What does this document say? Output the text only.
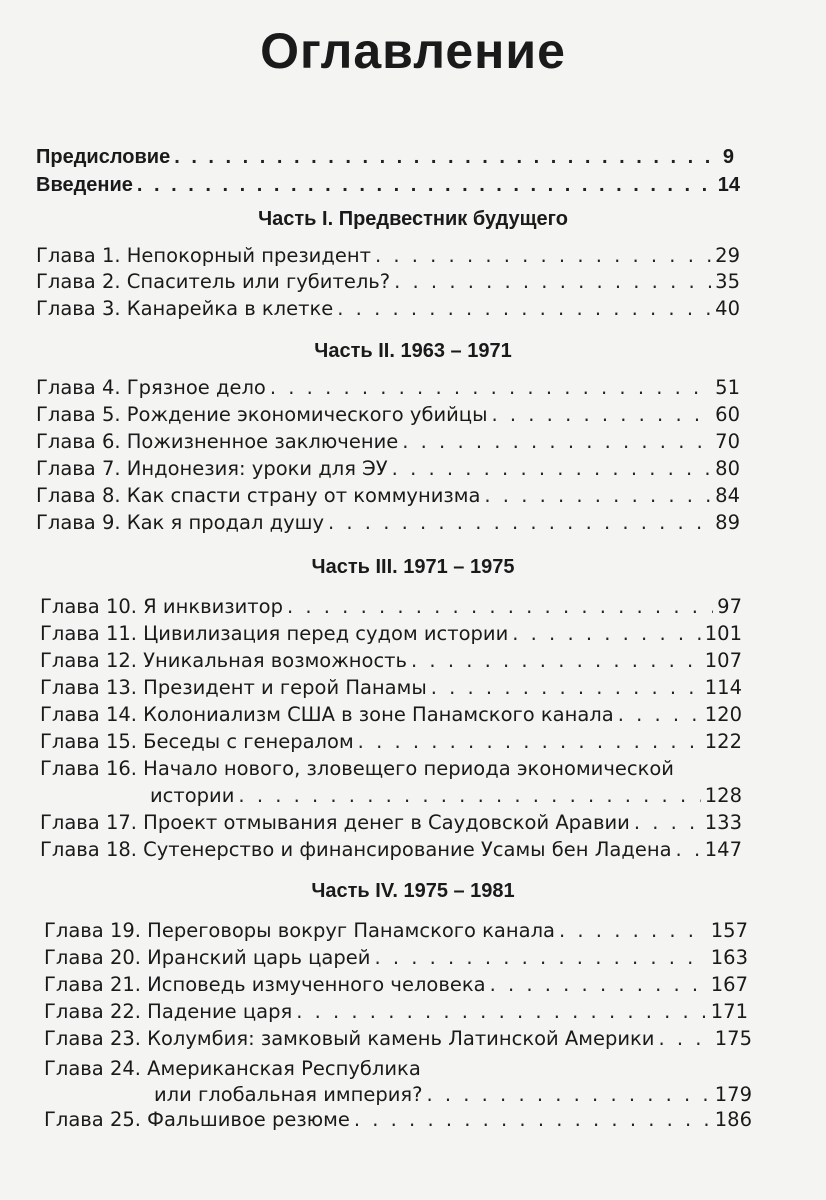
Оглавление
Предисловие . . .	9
Введение . . .	14
Часть I. Предвестник будущего
Глава 1. Непокорный президент . . .	29
Глава 2. Спаситель или губитель? . . .	35
Глава 3. Канарейка в клетке . . .	40
Часть II. 1963 – 1971
Глава 4. Грязное дело . . .	51
Глава 5. Рождение экономического убийцы . . .	60
Глава 6. Пожизненное заключение . . .	70
Глава 7. Индонезия: уроки для ЭУ . . .	80
Глава 8. Как спасти страну от коммунизма . . .	84
Глава 9. Как я продал душу . . .	89
Часть III. 1971 – 1975
Глава 10. Я инквизитор . . .	97
Глава 11. Цивилизация перед судом истории . . .	101
Глава 12. Уникальная возможность . . .	107
Глава 13. Президент и герой Панамы . . .	114
Глава 14. Колониализм США в зоне Панамского канала . . .	120
Глава 15. Беседы с генералом . . .	122
Глава 16. Начало нового, зловещего периода экономической
истории . . .	128
Глава 17. Проект отмывания денег в Саудовской Аравии . . .	133
Глава 18. Сутенерство и финансирование Усамы бен Ладена . . . 147
Часть IV. 1975 – 1981
Глава 19. Переговоры вокруг Панамского канала . . .	157
Глава 20. Иранский царь царей . . .	163
Глава 21. Исповедь измученного человека . . .	167
Глава 22. Падение царя . . .	171
Глава 23. Колумбия: замковый камень Латинской Америки . . .	175
Глава 24. Американская Республика
или глобальная империя? . . .	179
Глава 25. Фальшивое резюме . . .	186
